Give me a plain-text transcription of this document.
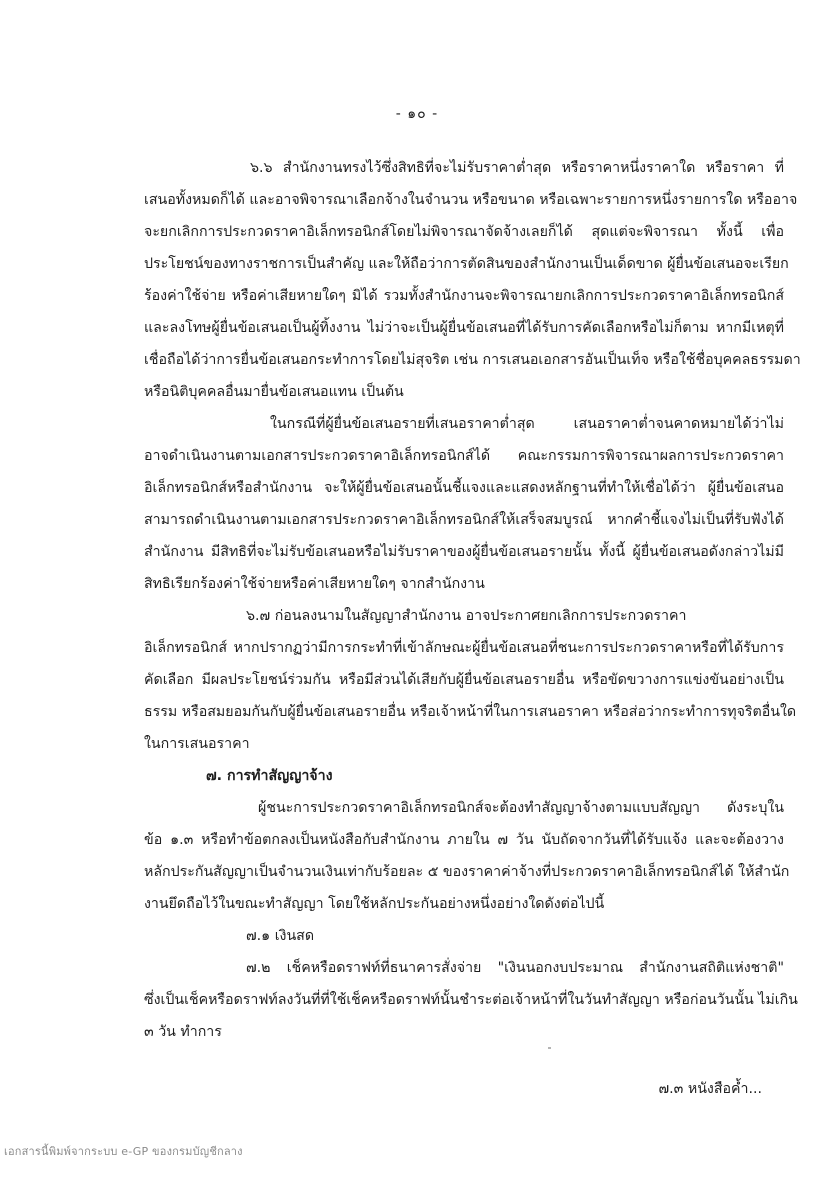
- ๑๐ -
๖.๖ สำนักงานทรงไว้ซึ่งสิทธิที่จะไม่รับราคาต่ำสุด หรือราคาหนึ่งราคาใด หรือราคา ที่
เสนอทั้งหมดก็ได้ และอาจพิจารณาเลือกจ้างในจำนวน หรือขนาด หรือเฉพาะรายการหนึ่งรายการใด หรืออาจ
จะยกเลิกการประกวดราคาอิเล็กทรอนิกส์โดยไม่พิจารณาจัดจ้างเลยก็ได้ สุดแต่จะพิจารณา ทั้งนี้ เพื่อ
ประโยชน์ของทางราชการเป็นสำคัญ และให้ถือว่าการตัดสินของสำนักงานเป็นเด็ดขาด ผู้ยื่นข้อเสนอจะเรียก
ร้องค่าใช้จ่าย หรือค่าเสียหายใดๆ มิได้ รวมทั้งสำนักงานจะพิจารณายกเลิกการประกวดราคาอิเล็กทรอนิกส์
และลงโทษผู้ยื่นข้อเสนอเป็นผู้ทิ้งงาน ไม่ว่าจะเป็นผู้ยื่นข้อเสนอที่ได้รับการคัดเลือกหรือไม่ก็ตาม หากมีเหตุที่
เชื่อถือได้ว่าการยื่นข้อเสนอกระทำการโดยไม่สุจริต เช่น การเสนอเอกสารอันเป็นเท็จ หรือใช้ชื่อบุคคลธรรมดา
หรือนิติบุคคลอื่นมายื่นข้อเสนอแทน เป็นต้น
ในกรณีที่ผู้ยื่นข้อเสนอรายที่เสนอราคาต่ำสุด เสนอราคาต่ำจนคาดหมายได้ว่าไม่
อาจดำเนินงานตามเอกสารประกวดราคาอิเล็กทรอนิกส์ได้ คณะกรรมการพิจารณาผลการประกวดราคา
อิเล็กทรอนิกส์หรือสำนักงาน จะให้ผู้ยื่นข้อเสนอนั้นชี้แจงและแสดงหลักฐานที่ทำให้เชื่อได้ว่า ผู้ยื่นข้อเสนอ
สามารถดำเนินงานตามเอกสารประกวดราคาอิเล็กทรอนิกส์ให้เสร็จสมบูรณ์ หากคำชี้แจงไม่เป็นที่รับฟังได้
สำนักงาน มีสิทธิที่จะไม่รับข้อเสนอหรือไม่รับราคาของผู้ยื่นข้อเสนอรายนั้น ทั้งนี้ ผู้ยื่นข้อเสนอดังกล่าวไม่มี
สิทธิเรียกร้องค่าใช้จ่ายหรือค่าเสียหายใดๆ จากสำนักงาน
๖.๗ ก่อนลงนามในสัญญาสำนักงาน อาจประกาศยกเลิกการประกวดราคา
อิเล็กทรอนิกส์ หากปรากฏว่ามีการกระทำที่เข้าลักษณะผู้ยื่นข้อเสนอที่ชนะการประกวดราคาหรือที่ได้รับการ
คัดเลือก มีผลประโยชน์ร่วมกัน หรือมีส่วนได้เสียกับผู้ยื่นข้อเสนอรายอื่น หรือขัดขวางการแข่งขันอย่างเป็น
ธรรม หรือสมยอมกันกับผู้ยื่นข้อเสนอรายอื่น หรือเจ้าหน้าที่ในการเสนอราคา หรือส่อว่ากระทำการทุจริตอื่นใด
ในการเสนอราคา
๗. การทำสัญญาจ้าง
ผู้ชนะการประกวดราคาอิเล็กทรอนิกส์จะต้องทำสัญญาจ้างตามแบบสัญญา ดังระบุใน
ข้อ ๑.๓ หรือทำข้อตกลงเป็นหนังสือกับสำนักงาน ภายใน ๗ วัน นับถัดจากวันที่ได้รับแจ้ง และจะต้องวาง
หลักประกันสัญญาเป็นจำนวนเงินเท่ากับร้อยละ ๕ ของราคาค่าจ้างที่ประกวดราคาอิเล็กทรอนิกส์ได้ ให้สำนัก
งานยึดถือไว้ในขณะทำสัญญา โดยใช้หลักประกันอย่างหนึ่งอย่างใดดังต่อไปนี้
๗.๑ เงินสด
๗.๒ เช็คหรือดราฟท์ที่ธนาคารสั่งจ่าย "เงินนอกงบประมาณ สำนักงานสถิติแห่งชาติ"
ซึ่งเป็นเช็คหรือดราฟท์ลงวันที่ที่ใช้เช็คหรือดราฟท์นั้นชำระต่อเจ้าหน้าที่ในวันทำสัญญา หรือก่อนวันนั้น ไม่เกิน
๓ วัน ทำการ
๗.๓ หนังสือค้ำ...
เอกสารนี้พิมพ์จากระบบ e-GP ของกรมบัญชีกลาง
